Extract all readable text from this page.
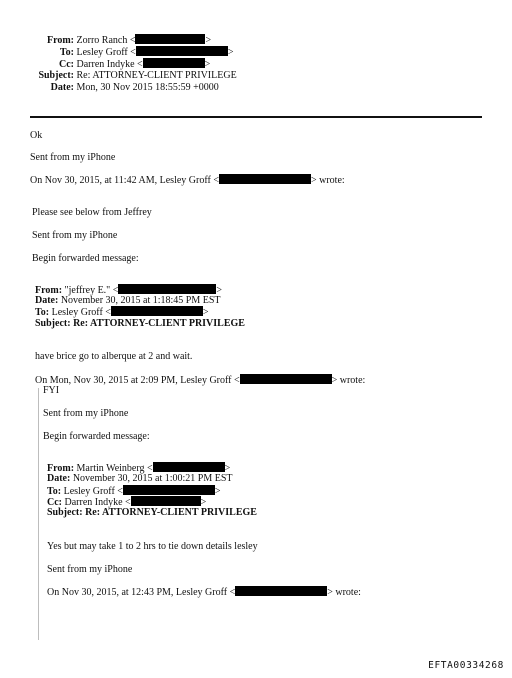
From: Zorro Ranch <	>
To: Lesley Groff <	>
Cc: Darren Indyke <	>
Subject: Re: ATTORNEY-CLIENT PRIVILEGE
Date: Mon, 30 Nov 2015 18:55:59 +0000
Ok
Sent from my iPhone
On Nov 30, 2015, at 11:42 AM, Lesley Groff <	> wrote:
Please see below from Jeffrey
Sent from my iPhone
Begin forwarded message:
From: "jeffrey E." <	>
Date: November 30, 2015 at 1:18:45 PM EST
To: Lesley Groff <	>
Subject: Re: ATTORNEY-CLIENT PRIVILEGE
have brice go to alberque at 2 and wait.
On Mon, Nov 30, 2015 at 2:09 PM, Lesley Groff <	> wrote:
FYI
Sent from my iPhone
Begin forwarded message:
From: Martin Weinberg <	>
Date: November 30, 2015 at 1:00:21 PM EST
To: Lesley Groff <	>
Cc: Darren Indyke <	>
Subject: Re: ATTORNEY-CLIENT PRIVILEGE
Yes but may take 1 to 2 hrs to tie down details lesley
Sent from my iPhone
On Nov 30, 2015, at 12:43 PM, Lesley Groff <	> wrote:
EFTA00334268
